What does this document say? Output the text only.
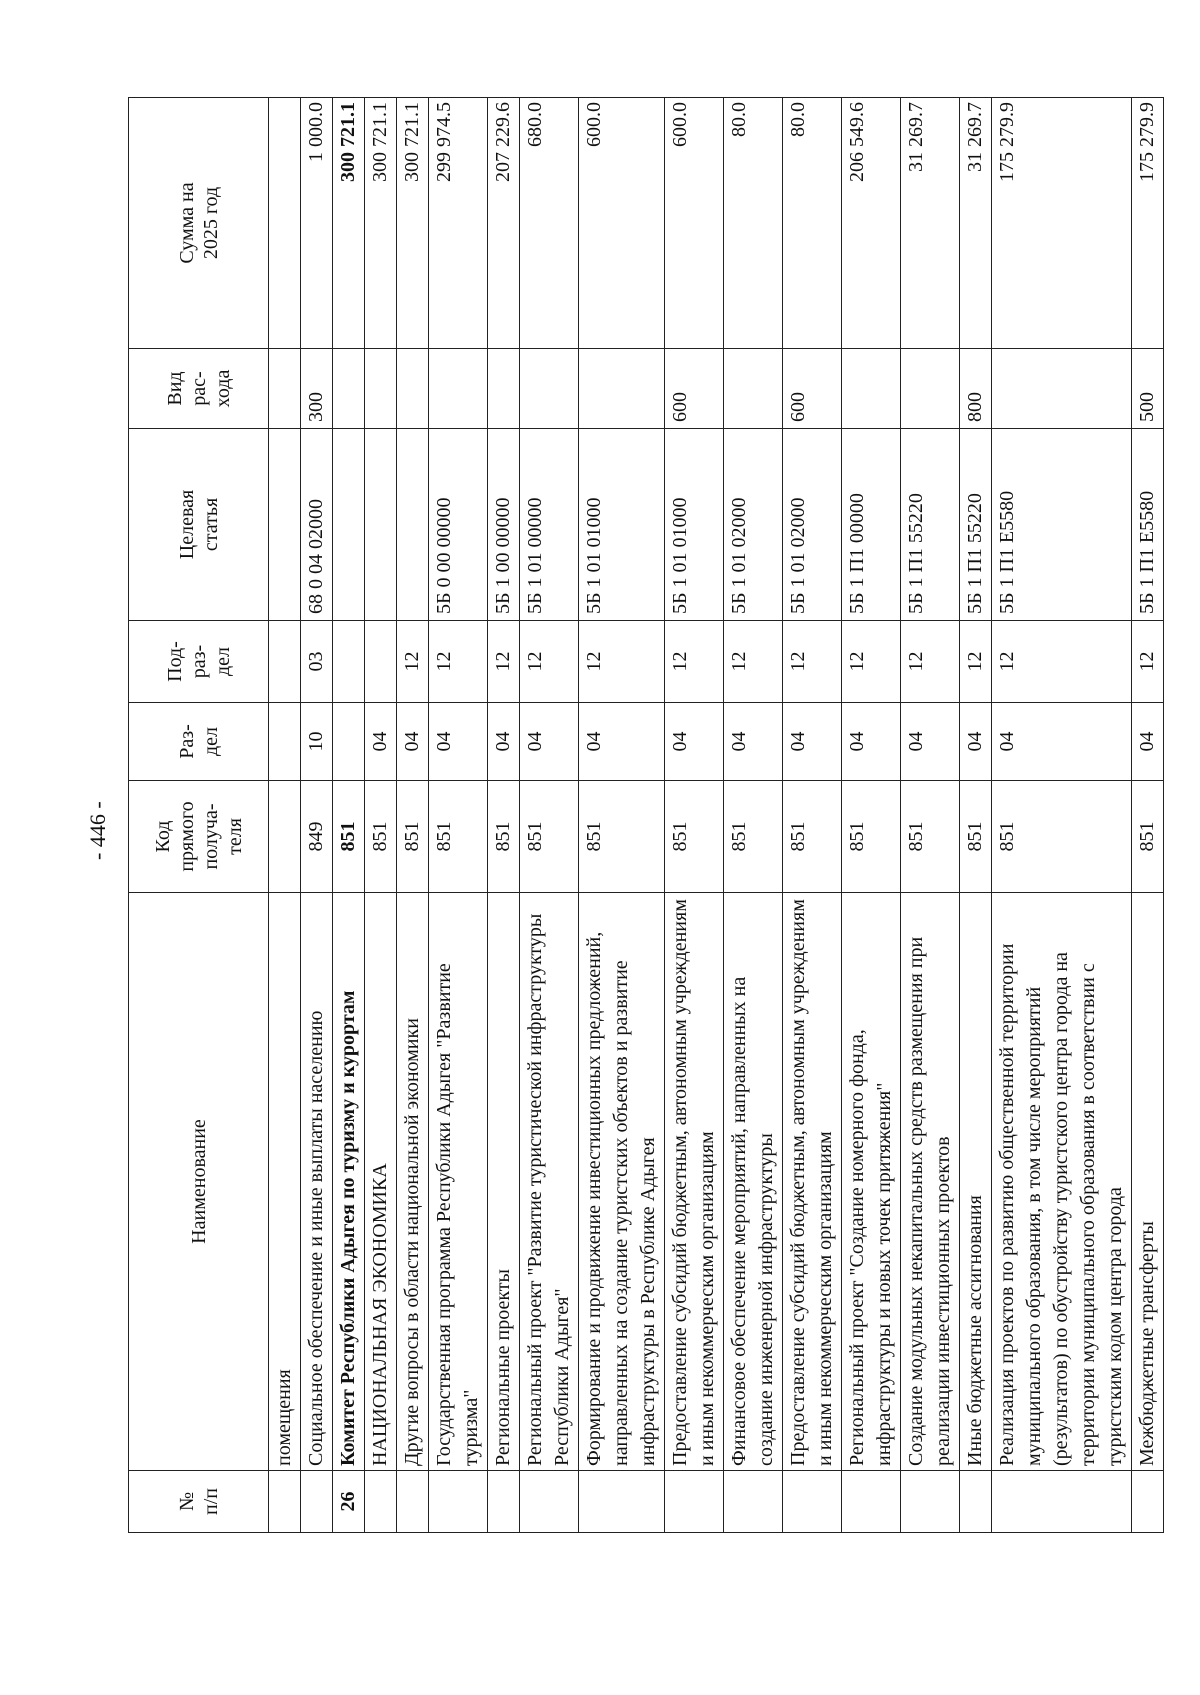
- 446 -
№
п/п	Наименование	Код
прямого
получа-
теля	Раз-
дел	Под-
раз-
дел	Целевая
статья	Вид
рас-
хода	Сумма на
2025 год
	помещения						
	Социальное обеспечение и иные выплаты населению	849	10	03	68 0 04 02000	300	1 000.0
26	Комитет Республики Адыгея по туризму и курортам	851					300 721.1
	НАЦИОНАЛЬНАЯ ЭКОНОМИКА	851	04				300 721.1
	Другие вопросы в области национальной экономики	851	04	12			300 721.1
	Государственная программа Республики Адыгея "Развитие туризма"	851	04	12	5Б 0 00 00000		299 974.5
	Региональные проекты	851	04	12	5Б 1 00 00000		207 229.6
	Региональный проект "Развитие туристической инфраструктуры Республики Адыгея"	851	04	12	5Б 1 01 00000		680.0
	Формирование и продвижение инвестиционных предложений, направленных на создание туристских объектов и развитие инфраструктуры в Республике Адыгея	851	04	12	5Б 1 01 01000		600.0
	Предоставление субсидий бюджетным, автономным учреждениям и иным некоммерческим организациям	851	04	12	5Б 1 01 01000	600	600.0
	Финансовое обеспечение мероприятий, направленных на создание инженерной инфраструктуры	851	04	12	5Б 1 01 02000		80.0
	Предоставление субсидий бюджетным, автономным учреждениям и иным некоммерческим организациям	851	04	12	5Б 1 01 02000	600	80.0
	Региональный проект "Создание номерного фонда, инфраструктуры и новых точек притяжения"	851	04	12	5Б 1 П1 00000		206 549.6
	Создание модульных некапитальных средств размещения при реализации инвестиционных проектов	851	04	12	5Б 1 П1 55220		31 269.7
	Иные бюджетные ассигнования	851	04	12	5Б 1 П1 55220	800	31 269.7
	Реализация проектов по развитию общественной территории муниципального образования, в том числе мероприятий (результатов) по обустройству туристского центра города на территории муниципального образования в соответствии с туристским кодом центра города	851	04	12	5Б 1 П1 Е5580		175 279.9
	Межбюджетные трансферты	851	04	12	5Б 1 П1 Е5580	500	175 279.9
